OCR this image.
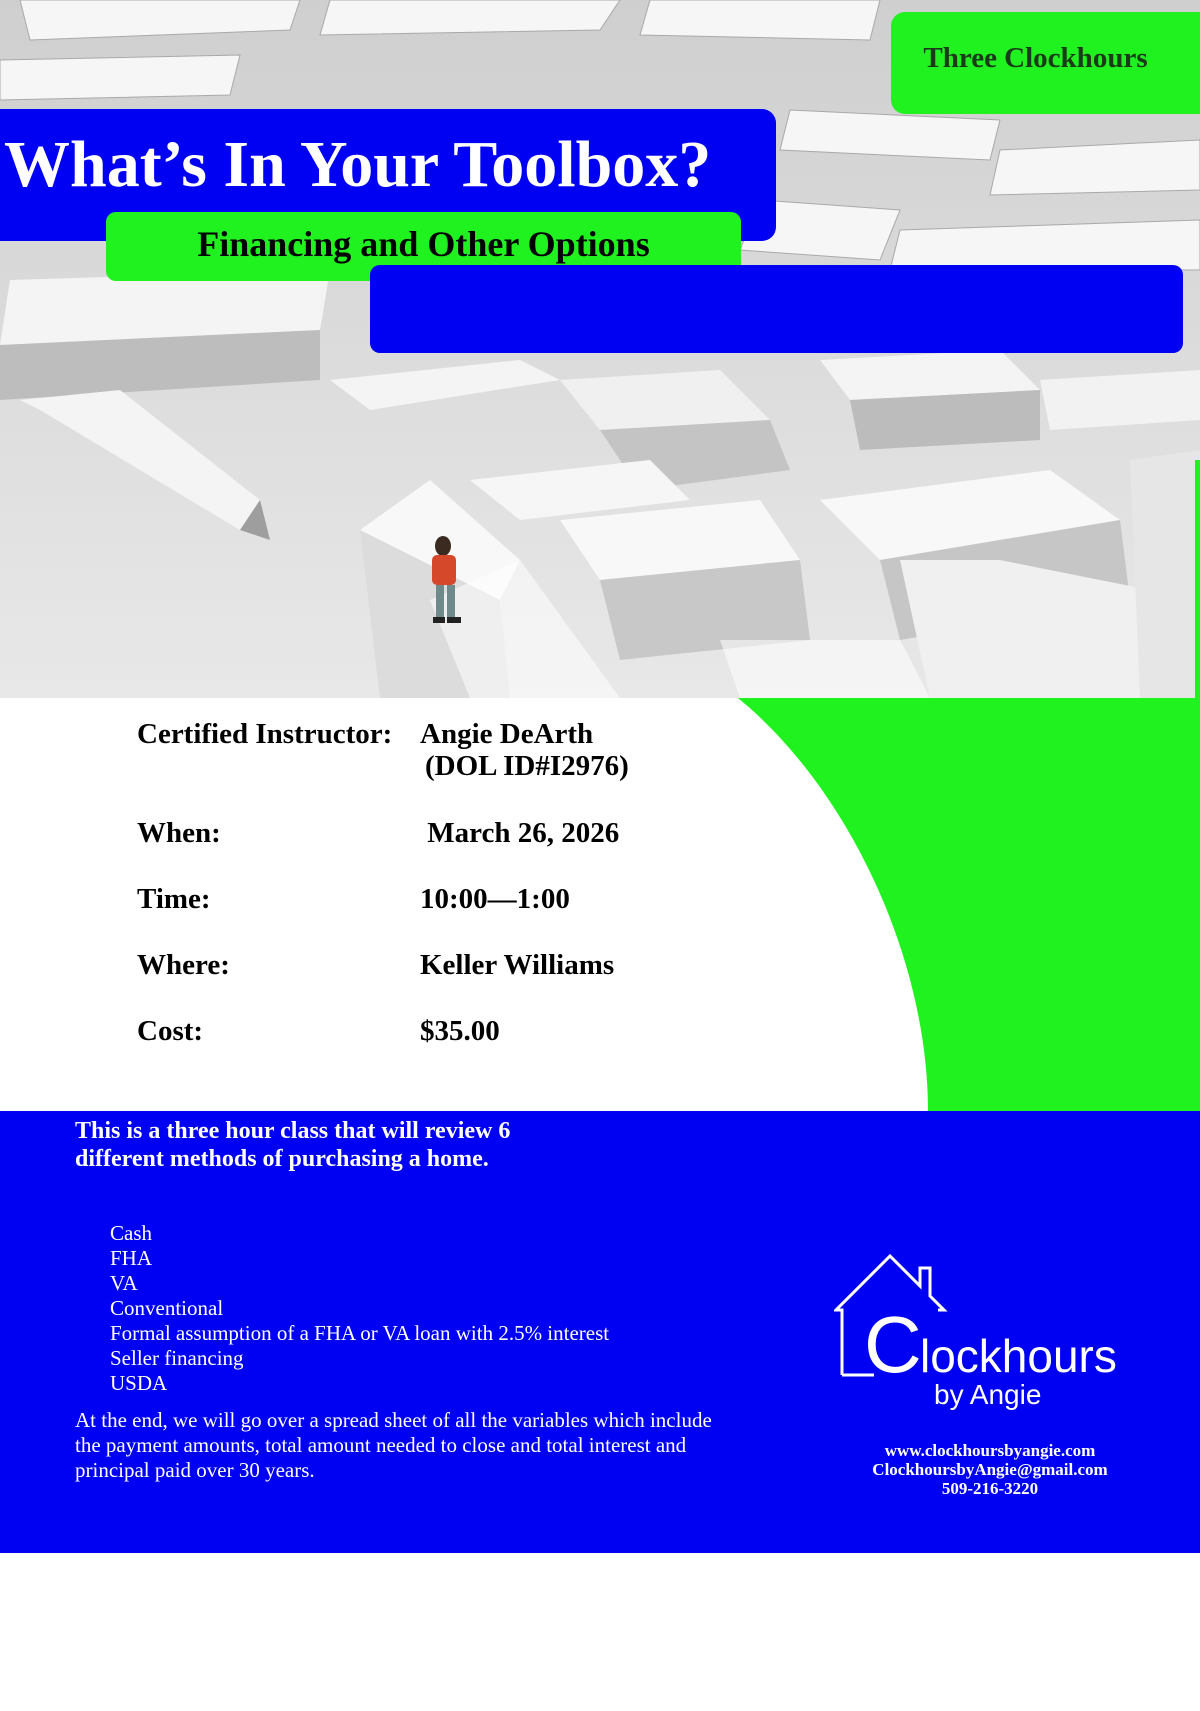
Three Clockhours
What’s In Your Toolbox?
Financing and Other Options
Certified Instructor: Angie DeArth
(DOL ID#I2976)
When:	March 26, 2026
Time:	10:00—1:00
Where:	Keller Williams
Cost:	$35.00
This is a three hour class that will review 6 different methods of purchasing a home.
Cash
FHA
VA
Conventional
Formal assumption of a FHA or VA loan with 2.5% interest
Seller financing
USDA
At the end, we will go over a spread sheet of all the variables which include the payment amounts, total amount needed to close and total interest and principal paid over 30 years.
www.clockhoursbyangie.com
ClockhoursbyAngie@gmail.com
509-216-3220
C
lockhours
by Angie
